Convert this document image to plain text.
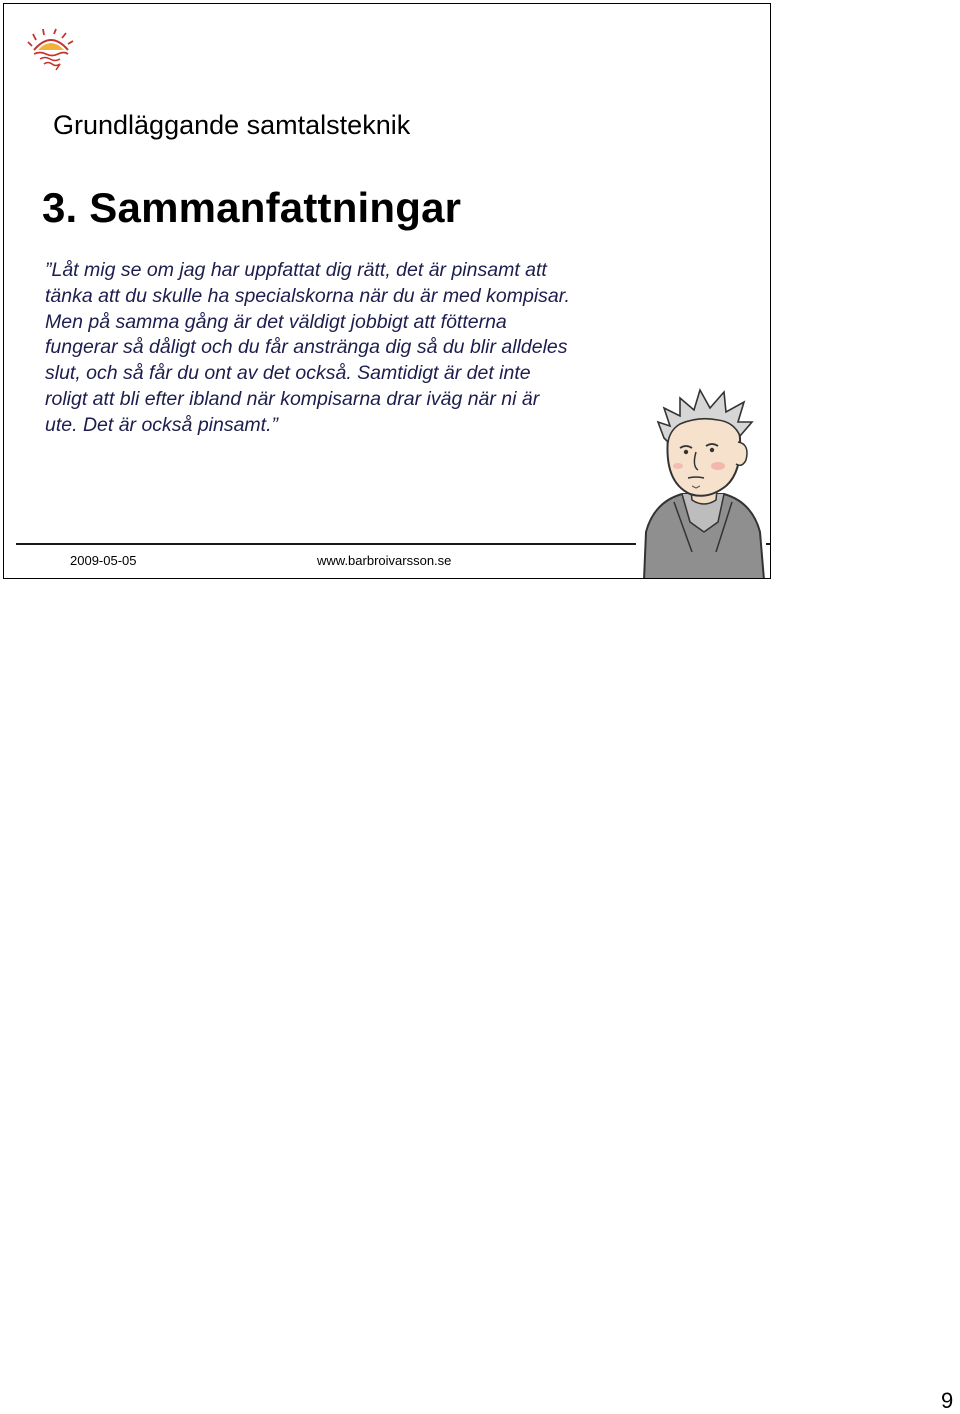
Grundläggande samtalsteknik
3. Sammanfattningar

”Låt mig se om jag har uppfattat dig rätt, det är pinsamt att
tänka att du skulle ha specialskorna när du är med kompisar.
Men på samma gång är det väldigt jobbigt att fötterna
fungerar så dåligt och du får anstränga dig så du blir alldeles
slut, och så får du ont av det också. Samtidigt är det inte
roligt att bli efter ibland när kompisarna drar iväg när ni är
ute. Det är också pinsamt.”

2009-05-05	www.barbroivarsson.se
9
